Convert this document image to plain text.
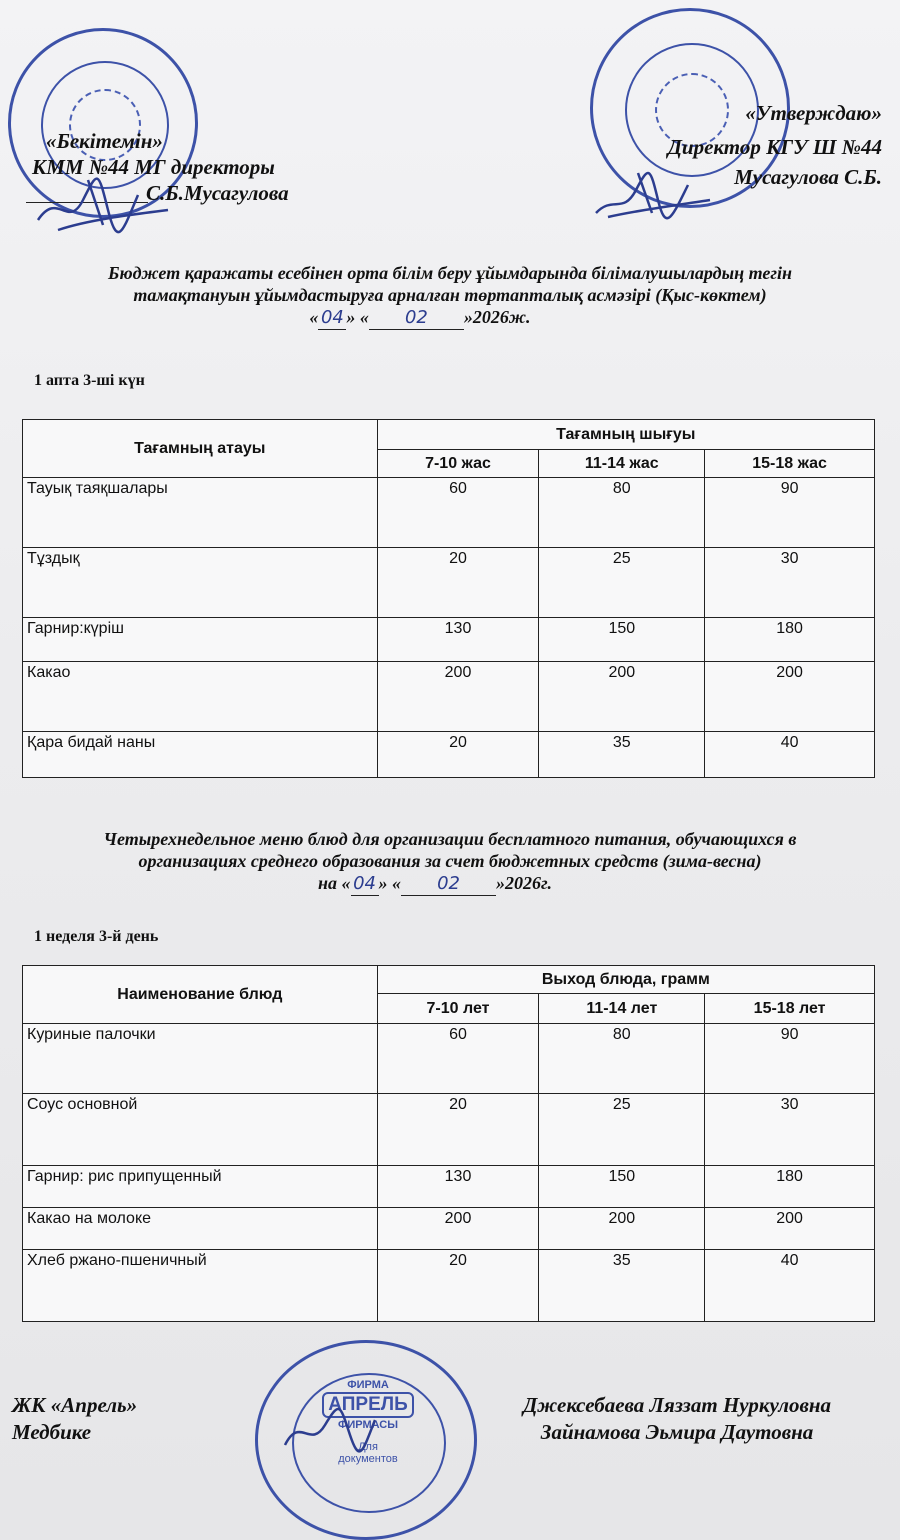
«Бекітемін»
КММ №44 МГ директоры
С.Б.Мусагулова
«Утверждаю»
Директор КГУ Ш №44
Мусагулова С.Б.
Бюджет қаражаты есебінен орта білім беру ұйымдарында білімалушылардың тегін
тамақтануын ұйымдастыруға арналған төртапталық асмәзірі (Қыс-көктем)
« 04 » « 02 »2026ж.
1 апта 3-ші күн
Тағамның атауы	Тағамның шығуы		
	7-10 жас	11-14 жас	15-18 жас
Тауық таяқшалары	60	80	90
Тұздық	20	25	30
Гарнир:күріш	130	150	180
Какао	200	200	200
Қара бидай наны	20	35	40
Четырехнедельное меню блюд для организации бесплатного питания, обучающихся в
организациях среднего образования за счет бюджетных средств (зима-весна)
на « 04 » « 02 »2026г.
1 неделя 3-й день
Наименование блюд	Выход блюда, грамм		
	7-10 лет	11-14 лет	15-18 лет
Куриные палочки	60	80	90
Соус основной	20	25	30
Гарнир: рис припущенный	130	150	180
Какао на молоке	200	200	200
Хлеб ржано-пшеничный	20	35	40
ФИРМА
АПРЕЛЬ
ФИРМАСЫ
Для
документов
ЖК «Апрель»
Медбике
Джексебаева Ляззат Нуркуловна
Зайнамова Эьмира Даутовна
